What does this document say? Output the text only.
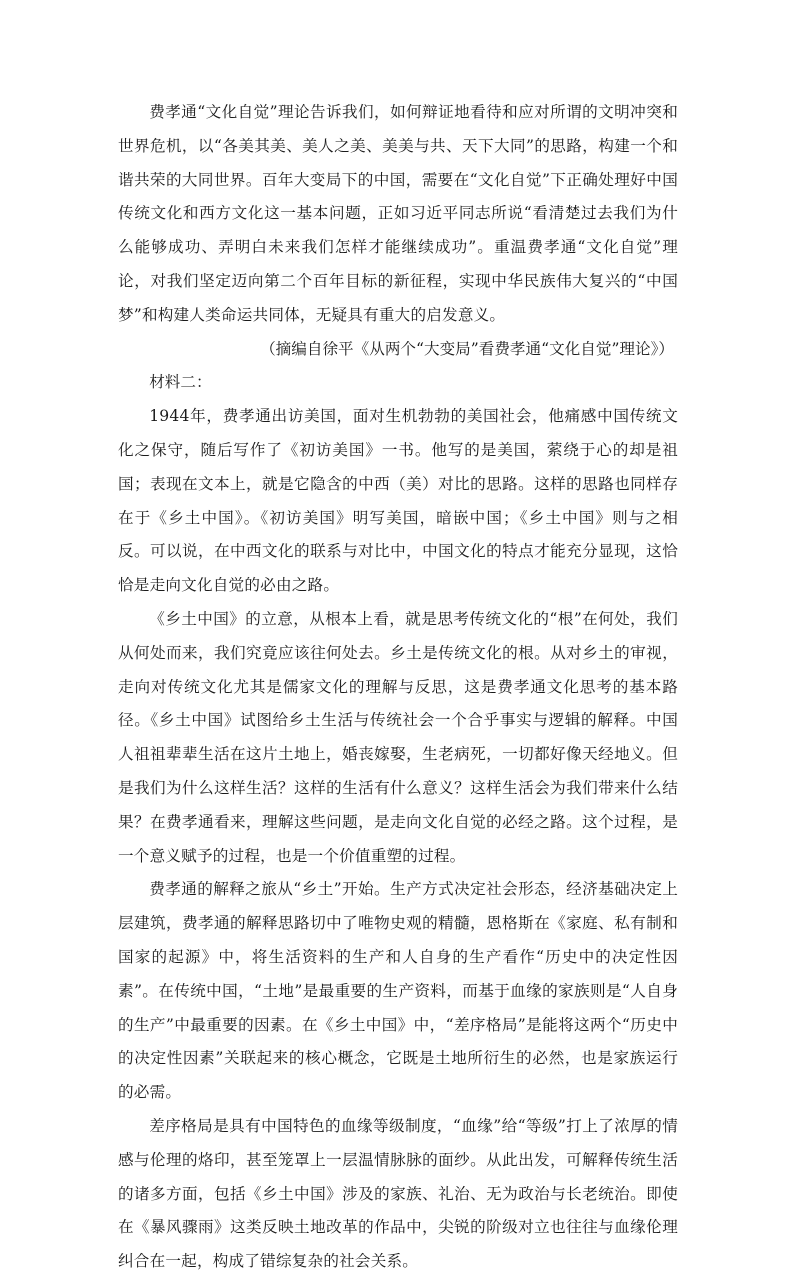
费孝通“文化自觉”理论告诉我们，如何辩证地看待和应对所谓的文明冲突和世界危机，以“各美其美、美人之美、美美与共、天下大同”的思路，构建一个和谐共荣的大同世界。百年大变局下的中国，需要在“文化自觉”下正确处理好中国传统文化和西方文化这一基本问题，正如习近平同志所说“看清楚过去我们为什么能够成功、弄明白未来我们怎样才能继续成功”。重温费孝通“文化自觉”理论，对我们坚定迈向第二个百年目标的新征程，实现中华民族伟大复兴的“中国梦”和构建人类命运共同体，无疑具有重大的启发意义。

（摘编自徐平《从两个“大变局”看费孝通“文化自觉”理论》）

材料二：

1944年，费孝通出访美国，面对生机勃勃的美国社会，他痛感中国传统文化之保守，随后写作了《初访美国》一书。他写的是美国，萦绕于心的却是祖国；表现在文本上，就是它隐含的中西（美）对比的思路。这样的思路也同样存在于《乡土中国》。《初访美国》明写美国，暗嵌中国；《乡土中国》则与之相反。可以说，在中西文化的联系与对比中，中国文化的特点才能充分显现，这恰恰是走向文化自觉的必由之路。

《乡土中国》的立意，从根本上看，就是思考传统文化的“根”在何处，我们从何处而来，我们究竟应该往何处去。乡土是传统文化的根。从对乡土的审视，走向对传统文化尤其是儒家文化的理解与反思，这是费孝通文化思考的基本路径。《乡土中国》试图给乡土生活与传统社会一个合乎事实与逻辑的解释。中国人祖祖辈辈生活在这片土地上，婚丧嫁娶，生老病死，一切都好像天经地义。但是我们为什么这样生活？这样的生活有什么意义？这样生活会为我们带来什么结果？在费孝通看来，理解这些问题，是走向文化自觉的必经之路。这个过程，是一个意义赋予的过程，也是一个价值重塑的过程。

费孝通的解释之旅从“乡土”开始。生产方式决定社会形态，经济基础决定上层建筑，费孝通的解释思路切中了唯物史观的精髓，恩格斯在《家庭、私有制和国家的起源》中，将生活资料的生产和人自身的生产看作“历史中的决定性因素”。在传统中国，“土地”是最重要的生产资料，而基于血缘的家族则是“人自身的生产”中最重要的因素。在《乡土中国》中，“差序格局”是能将这两个“历史中的决定性因素”关联起来的核心概念，它既是土地所衍生的必然，也是家族运行的必需。

差序格局是具有中国特色的血缘等级制度，“血缘”给“等级”打上了浓厚的情感与伦理的烙印，甚至笼罩上一层温情脉脉的面纱。从此出发，可解释传统生活的诸多方面，包括《乡土中国》涉及的家族、礼治、无为政治与长老统治。即使在《暴风骤雨》这类反映土地改革的作品中，尖锐的阶级对立也往往与血缘伦理纠合在一起，构成了错综复杂的社会关系。
